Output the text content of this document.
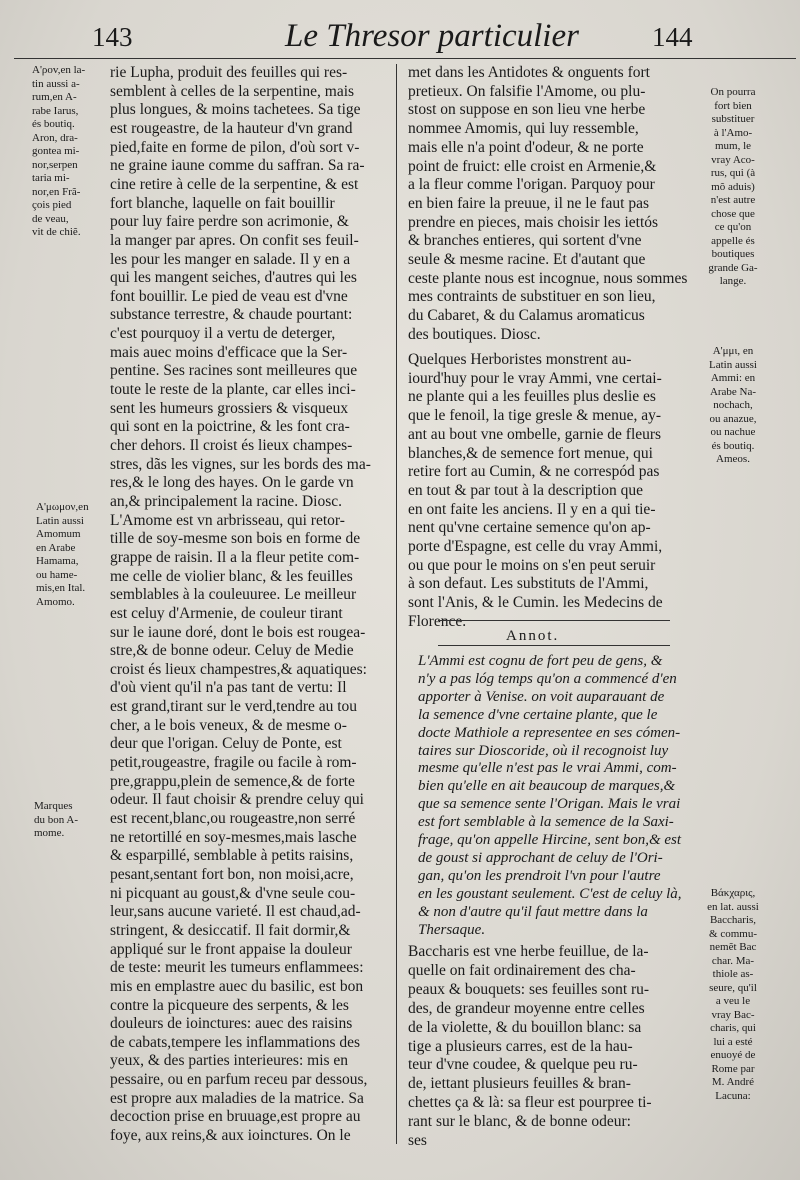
143	Le Thresor particulier	144
rie Lupha, produit des feuilles qui res-
semblent à celles de la serpentine, mais
plus longues, & moins tachetees. Sa tige
est rougeastre, de la hauteur d'vn grand
pied,faite en forme de pilon, d'où sort v-
ne graine iaune comme du saffran. Sa ra-
cine retire à celle de la serpentine, & est
fort blanche, laquelle on fait bouillir
pour luy faire perdre son acrimonie, &
la manger par apres. On confit ses feuil-
les pour les manger en salade. Il y en a
qui les mangent seiches, d'autres qui les
font bouillir. Le pied de veau est d'vne
substance terrestre, & chaude pourtant:
c'est pourquoy il a vertu de deterger,
mais auec moins d'efficace que la Ser-
pentine. Ses racines sont meilleures que
toute le reste de la plante, car elles inci-
sent les humeurs grossiers & visqueux
qui sont en la poictrine, & les font cra-
cher dehors. Il croist és lieux champes-
stres, dãs les vignes, sur les bords des ma-
res,& le long des hayes. On le garde vn
an,& principalement la racine. Diosc.
L'Amome est vn arbrisseau, qui retor-
tille de soy-mesme son bois en forme de
grappe de raisin. Il a la fleur petite com-
me celle de violier blanc, & les feuilles
semblables à la couleuuree. Le meilleur
est celuy d'Armenie, de couleur tirant
sur le iaune doré, dont le bois est rougea-
stre,& de bonne odeur. Celuy de Medie
croist és lieux champestres,& aquatiques:
d'où vient qu'il n'a pas tant de vertu: Il
est grand,tirant sur le verd,tendre au tou
cher, a le bois veneux, & de mesme o-
deur que l'origan. Celuy de Ponte, est
petit,rougeastre, fragile ou facile à rom-
pre,grappu,plein de semence,& de forte
odeur. Il faut choisir & prendre celuy qui
est recent,blanc,ou rougeastre,non serré
ne retortillé en soy-mesmes,mais lasche
& esparpillé, semblable à petits raisins,
pesant,sentant fort bon, non moisi,acre,
ni picquant au goust,& d'vne seule cou-
leur,sans aucune varieté. Il est chaud,ad-
stringent, & desiccatif. Il fait dormir,&
appliqué sur le front appaise la douleur
de teste: meurit les tumeurs enflammees:
mis en emplastre auec du basilic, est bon
contre la picqueure des serpents, & les
douleurs de ioinctures: auec des raisins
de cabats,tempere les inflammations des
yeux, & des parties interieures: mis en
pessaire, ou en parfum receu par dessous,
est propre aux maladies de la matrice. Sa
decoction prise en bruuage,est propre au
foye, aux reins,& aux ioinctures. On le
met dans les Antidotes & onguents fort
pretieux. On falsifie l'Amome, ou plu-
stost on suppose en son lieu vne herbe
nommee Amomis, qui luy ressemble,
mais elle n'a point d'odeur, & ne porte
point de fruict: elle croist en Armenie,&
a la fleur comme l'origan. Parquoy pour
en bien faire la preuue, il ne le faut pas
prendre en pieces, mais choisir les iettós
& branches entieres, qui sortent d'vne
seule & mesme racine. Et d'autant que
ceste plante nous est incognue, nous sommes
mes contraints de substituer en son lieu,
du Cabaret, & du Calamus aromaticus
des boutiques. Diosc.
Quelques Herboristes monstrent au-
iourd'huy pour le vray Ammi, vne certai-
ne plante qui a les feuilles plus deslie es
que le fenoil, la tige gresle & menue, ay-
ant au bout vne ombelle, garnie de fleurs
blanches,& de semence fort menue, qui
retire fort au Cumin, & ne correspód pas
en tout & par tout à la description que
en ont faite les anciens. Il y en a qui tie-
nent qu'vne certaine semence qu'on ap-
porte d'Espagne, est celle du vray Ammi,
ou que pour le moins on s'en peut seruir
à son defaut. Les substituts de l'Ammi,
sont l'Anis, & le Cumin. les Medecins de
Florence.
Annot.
L'Ammi est cognu de fort peu de gens, &
n'y a pas lóg temps qu'on a commencé d'en
apporter à Venise. on voit auparauant de
la semence d'vne certaine plante, que le
docte Mathiole a representee en ses cómen-
taires sur Dioscoride, où il recognoist luy
mesme qu'elle n'est pas le vrai Ammi, com-
bien qu'elle en ait beaucoup de marques,&
que sa semence sente l'Origan. Mais le vrai
est fort semblable à la semence de la Saxi-
frage, qu'on appelle Hircine, sent bon,& est
de goust si approchant de celuy de l'Ori-
gan, qu'on les prendroit l'vn pour l'autre
en les goustant seulement. C'est de celuy là,
& non d'autre qu'il faut mettre dans la
Thersaque.
Baccharis est vne herbe feuillue, de la-
quelle on fait ordinairement des cha-
peaux & bouquets: ses feuilles sont ru-
des, de grandeur moyenne entre celles
de la violette, & du bouillon blanc: sa
tige a plusieurs carres, est de la hau-
teur d'vne coudee, & quelque peu ru-
de, iettant plusieurs feuilles & bran-
chettes ça & là: sa fleur est pourpree ti-
rant sur le blanc, & de bonne odeur:
ses
A'ρov,en la-
tin aussi a-
rum,en A-
rabe Iarus,
és boutiq.
Aron, dra-
gontea mi-
nor,serpen
taria mi-
nor,en Frã-
çois pied
de veau,
vit de chiẽ.
A'μωμον,en
Latin aussi
Amomum
en Arabe
Hamama,
ou hame-
mis,en Ital.
Amomo.
Marques
du bon A-
mome.
On pourra
fort bien
substituer
à l'Amo-
mum, le
vray Aco-
rus, qui (à
mõ aduis)
n'est autre
chose que
ce qu'on
appelle és
boutiques
grande Ga-
lange.
A'μμι, en
Latin aussi
Ammi: en
Arabe Na-
nochach,
ou anazue,
ou nachue
és boutiq.
Ameos.
Βάκχαρις,
en lat. aussi
Baccharis,
& commu-
nemẽt Bac
char. Ma-
thiole as-
seure, qu'il
a veu le
vray Bac-
charis, qui
lui a esté
enuoyé de
Rome par
M. André
Lacuna:
